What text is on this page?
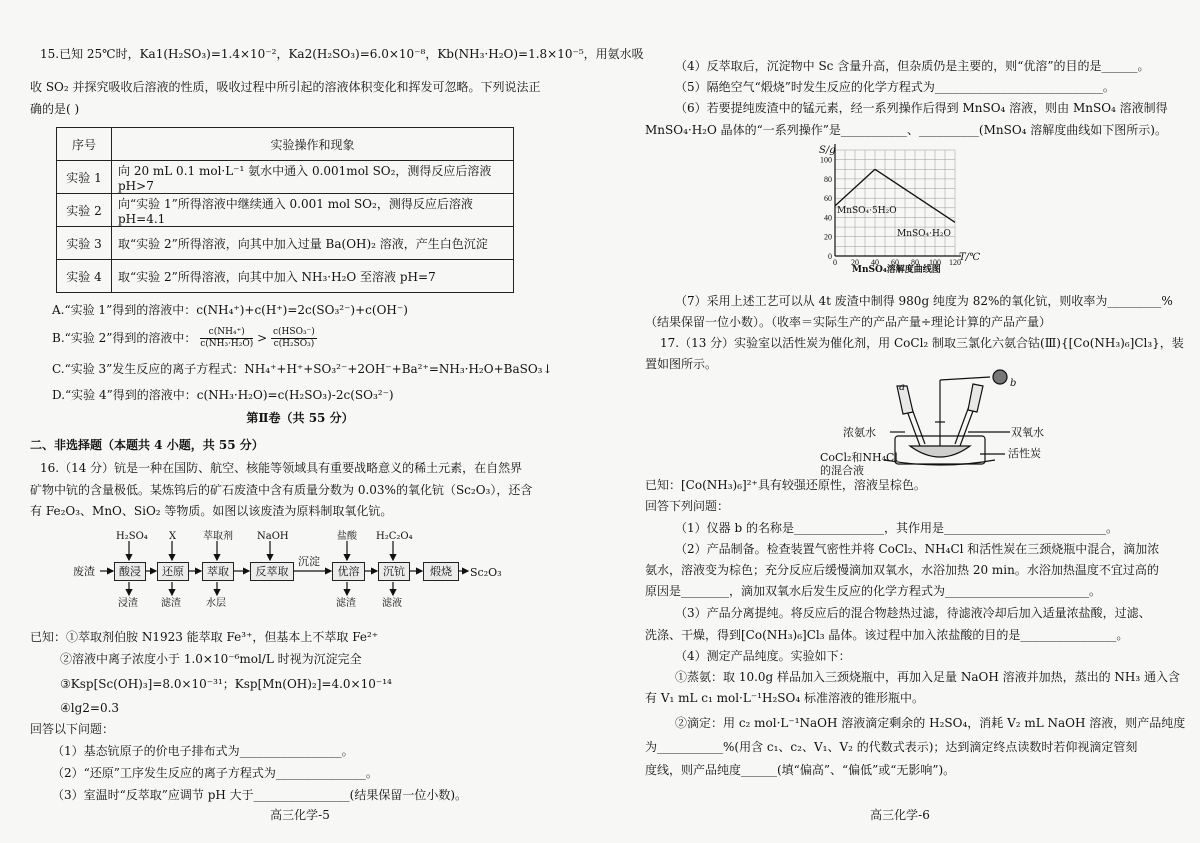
15.已知 25℃时，Ka1(H₂SO₃)=1.4×10⁻²，Ka2(H₂SO₃)=6.0×10⁻⁸，Kb(NH₃·H₂O)=1.8×10⁻⁵，用氨水吸
收 SO₂ 并探究吸收后溶液的性质，吸收过程中所引起的溶液体积变化和挥发可忽略。下列说法正
确的是( )
序号	实验操作和现象
实验 1	向 20 mL 0.1 mol·L⁻¹ 氨水中通入 0.001mol SO₂，测得反应后溶液 pH>7
实验 2	向“实验 1”所得溶液中继续通入 0.001 mol SO₂，测得反应后溶液 pH=4.1
实验 3	取“实验 2”所得溶液，向其中加入过量 Ba(OH)₂ 溶液，产生白色沉淀
实验 4	取“实验 2”所得溶液，向其中加入 NH₃·H₂O 至溶液 pH=7
A.“实验 1”得到的溶液中：c(NH₄⁺)+c(H⁺)=2c(SO₃²⁻)+c(OH⁻)
B.“实验 2”得到的溶液中： $\frac{\text{c(NH₄⁺)}}{\text{c(NH₃·H₂O)}} > \frac{\text{c(HSO₃⁻)}}{\text{c(H₂SO₃)}}$
C.“实验 3”发生反应的离子方程式：NH₄⁺+H⁺+SO₃²⁻+2OH⁻+Ba²⁺=NH₃·H₂O+BaSO₃↓
D.“实验 4”得到的溶液中：c(NH₃·H₂O)=c(H₂SO₃)-2c(SO₃²⁻)
第Ⅱ卷（共 55 分）
二、非选择题（本题共 4 小题，共 55 分）
16.（14 分）钪是一种在国防、航空、核能等领域具有重要战略意义的稀土元素，在自然界
矿物中钪的含量极低。某炼钨后的矿石废渣中含有质量分数为 0.03%的氧化钪（Sc₂O₃），还含
有 Fe₂O₃、MnO、SiO₂ 等物质。如图以该废渣为原料制取氧化钪。
废渣	酸浸	还原	萃取	反萃取	优溶	沉钪	煅烧	Sc₂O₃
沉淀
H₂SO₄ X	萃取剂 NaOH	盐酸 H₂C₂O₄
浸渣 滤渣	水层	滤渣	滤液
已知：①萃取剂伯胺 N1923 能萃取 Fe³⁺，但基本上不萃取 Fe²⁺
②溶液中离子浓度小于 1.0×10⁻⁶mol/L 时视为沉淀完全
③Ksp[Sc(OH)₃]=8.0×10⁻³¹；Ksp[Mn(OH)₂]=4.0×10⁻¹⁴
④lg2=0.3
回答以下问题：
（1）基态钪原子的价电子排布式为_________________。
（2）“还原”工序发生反应的离子方程式为_______________。
（3）室温时“反萃取”应调节 pH 大于________________(结果保留一位小数)。
高三化学-5
（4）反萃取后，沉淀物中 Sc 含量升高，但杂质仍是主要的，则“优溶”的目的是______。
（5）隔绝空气“煅烧”时发生反应的化学方程式为____________________________。
（6）若要提纯废渣中的锰元素，经一系列操作后得到 MnSO₄ 溶液，则由 MnSO₄ 溶液制得
MnSO₄·H₂O 晶体的“一系列操作”是___________、__________(MnSO₄ 溶解度曲线如下图所示)。
0
20
40
60
80
100
0 20 40 60 80 100 120
S/g
T/℃
MnSO₄·5H₂O
MnSO₄·H₂O
MnSO₄溶解度曲线图
（7）采用上述工艺可以从 4t 废渣中制得 980g 纯度为 82%的氧化钪，则收率为_________%
（结果保留一位小数）。（收率＝实际生产的产品产量÷理论计算的产品产量）
17.（13 分）实验室以活性炭为催化剂，用 CoCl₂ 制取三氯化六氨合钴(Ⅲ){[Co(NH₃)₆]Cl₃}，装
置如图所示。
a	b
浓氨水	双氧水
CoCl₂和NH₄Cl
的混合液
活性炭
已知：[Co(NH₃)₆]²⁺具有较强还原性，溶液呈棕色。
回答下列问题：
（1）仪器 b 的名称是_______________，其作用是___________________________。
（2）产品制备。检查装置气密性并将 CoCl₂、NH₄Cl 和活性炭在三颈烧瓶中混合，滴加浓
氨水，溶液变为棕色；充分反应后缓慢滴加双氧水，水浴加热 20 min。水浴加热温度不宜过高的
原因是________，滴加双氧水后发生反应的化学方程式为________________________。
（3）产品分离提纯。将反应后的混合物趁热过滤，待滤液冷却后加入适量浓盐酸，过滤、
洗涤、干燥，得到[Co(NH₃)₆]Cl₃ 晶体。该过程中加入浓盐酸的目的是________________。
（4）测定产品纯度。实验如下：
①蒸氨：取 10.0g 样品加入三颈烧瓶中，再加入足量 NaOH 溶液并加热，蒸出的 NH₃ 通入含
有 V₁ mL c₁ mol·L⁻¹H₂SO₄ 标准溶液的锥形瓶中。
②滴定：用 c₂ mol·L⁻¹NaOH 溶液滴定剩余的 H₂SO₄，消耗 V₂ mL NaOH 溶液，则产品纯度
为___________%(用含 c₁、c₂、V₁、V₂ 的代数式表示)；达到滴定终点读数时若仰视滴定管刻
度线，则产品纯度______(填“偏高”、“偏低”或“无影响”)。
高三化学-6
